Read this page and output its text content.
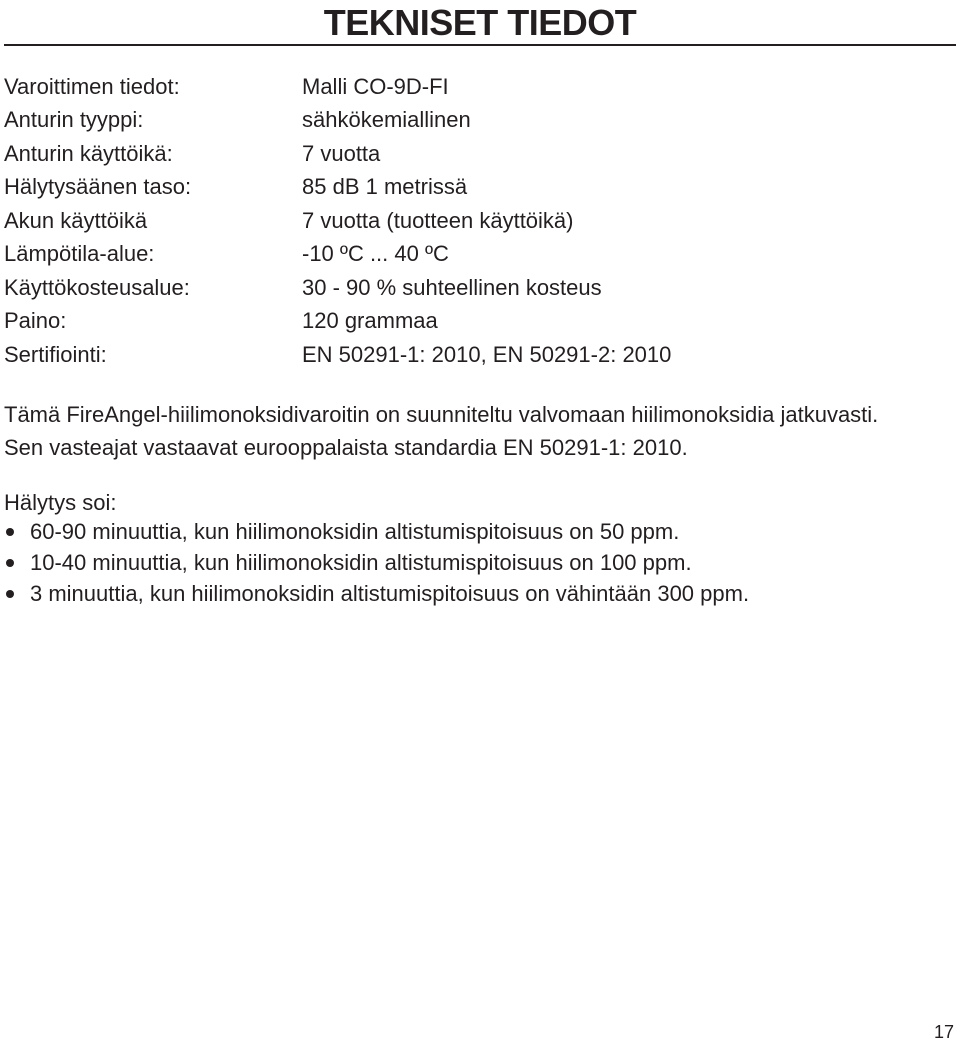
TEKNISET TIEDOT
Varoittimen tiedot:	Malli CO-9D-FI
Anturin tyyppi:	sähkökemiallinen
Anturin käyttöikä:	7 vuotta
Hälytysäänen taso:	85 dB 1 metrissä
Akun käyttöikä	7 vuotta (tuotteen käyttöikä)
Lämpötila-alue:	-10 ºC ... 40 ºC
Käyttökosteusalue:	30 - 90 % suhteellinen kosteus
Paino:	120 grammaa
Sertifiointi:	EN 50291-1: 2010, EN 50291-2: 2010

Tämä FireAngel-hiilimonoksidivaroitin on suunniteltu valvomaan hiilimonoksidia jatkuvasti.

Sen vasteajat vastaavat eurooppalaista standardia EN 50291-1: 2010.

Hälytys soi:

60-90 minuuttia, kun hiilimonoksidin altistumispitoisuus on 50 ppm.
10-40 minuuttia, kun hiilimonoksidin altistumispitoisuus on 100 ppm.
3 minuuttia, kun hiilimonoksidin altistumispitoisuus on vähintään 300 ppm.
17
